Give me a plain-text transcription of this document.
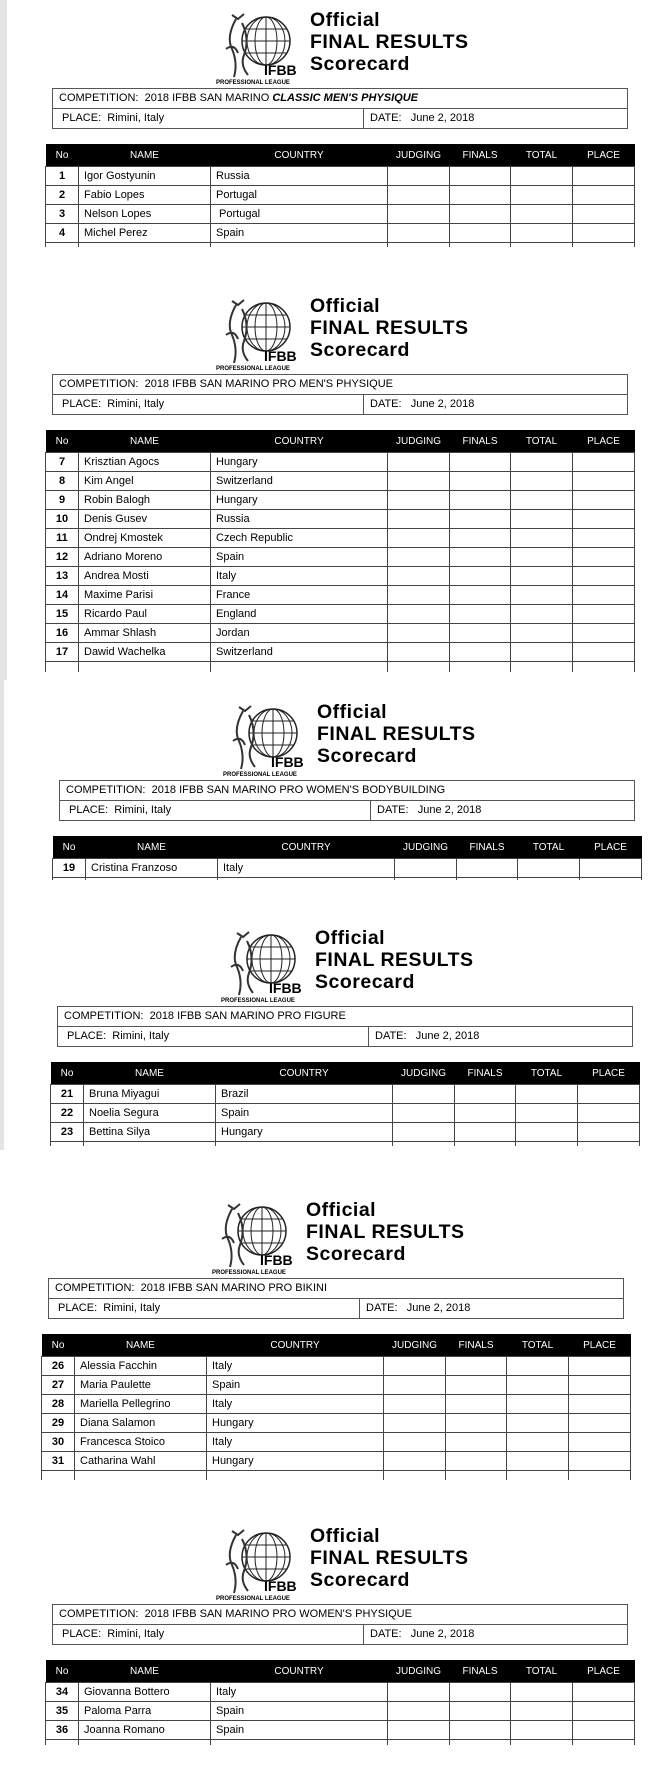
IFBB
PROFESSIONAL LEAGUE
Official
FINAL RESULTS
Scorecard
COMPETITION: 2018 IFBB SAN MARINO CLASSIC MEN'S PHYSIQUE
PLACE: Rimini, Italy	DATE: June 2, 2018
No	NAME	COUNTRY	JUDGING	FINALS	TOTAL	PLACE
1	Igor Gostyunin	Russia				
2	Fabio Lopes	Portugal				
3	Nelson Lopes	Portugal				
4	Michel Perez	Spain				

IFBB
PROFESSIONAL LEAGUE
Official
FINAL RESULTS
Scorecard
COMPETITION: 2018 IFBB SAN MARINO PRO MEN'S PHYSIQUE
PLACE: Rimini, Italy	DATE: June 2, 2018
No	NAME	COUNTRY	JUDGING	FINALS	TOTAL	PLACE
7	Krisztian Agocs	Hungary				
8	Kim Angel	Switzerland				
9	Robin Balogh	Hungary				
10	Denis Gusev	Russia				
11	Ondrej Kmostek	Czech Republic				
12	Adriano Moreno	Spain				
13	Andrea Mosti	Italy				
14	Maxime Parisi	France				
15	Ricardo Paul	England				
16	Ammar Shlash	Jordan				
17	Dawid Wachelka	Switzerland				

IFBB
PROFESSIONAL LEAGUE
Official
FINAL RESULTS
Scorecard
COMPETITION: 2018 IFBB SAN MARINO PRO WOMEN'S BODYBUILDING
PLACE: Rimini, Italy	DATE: June 2, 2018
No	NAME	COUNTRY	JUDGING	FINALS	TOTAL	PLACE
19	Cristina Franzoso	Italy				

IFBB
PROFESSIONAL LEAGUE
Official
FINAL RESULTS
Scorecard
COMPETITION: 2018 IFBB SAN MARINO PRO FIGURE
PLACE: Rimini, Italy	DATE: June 2, 2018
No	NAME	COUNTRY	JUDGING	FINALS	TOTAL	PLACE
21	Bruna Miyagui	Brazil				
22	Noelia Segura	Spain				
23	Bettina Silya	Hungary				

IFBB
PROFESSIONAL LEAGUE
Official
FINAL RESULTS
Scorecard
COMPETITION: 2018 IFBB SAN MARINO PRO BIKINI
PLACE: Rimini, Italy	DATE: June 2, 2018
No	NAME	COUNTRY	JUDGING	FINALS	TOTAL	PLACE
26	Alessia Facchin	Italy				
27	Maria Paulette	Spain				
28	Mariella Pellegrino	Italy				
29	Diana Salamon	Hungary				
30	Francesca Stoico	Italy				
31	Catharina Wahl	Hungary				

IFBB
PROFESSIONAL LEAGUE
Official
FINAL RESULTS
Scorecard
COMPETITION: 2018 IFBB SAN MARINO PRO WOMEN'S PHYSIQUE
PLACE: Rimini, Italy	DATE: June 2, 2018
No	NAME	COUNTRY	JUDGING	FINALS	TOTAL	PLACE
34	Giovanna Bottero	Italy				
35	Paloma Parra	Spain				
36	Joanna Romano	Spain				
